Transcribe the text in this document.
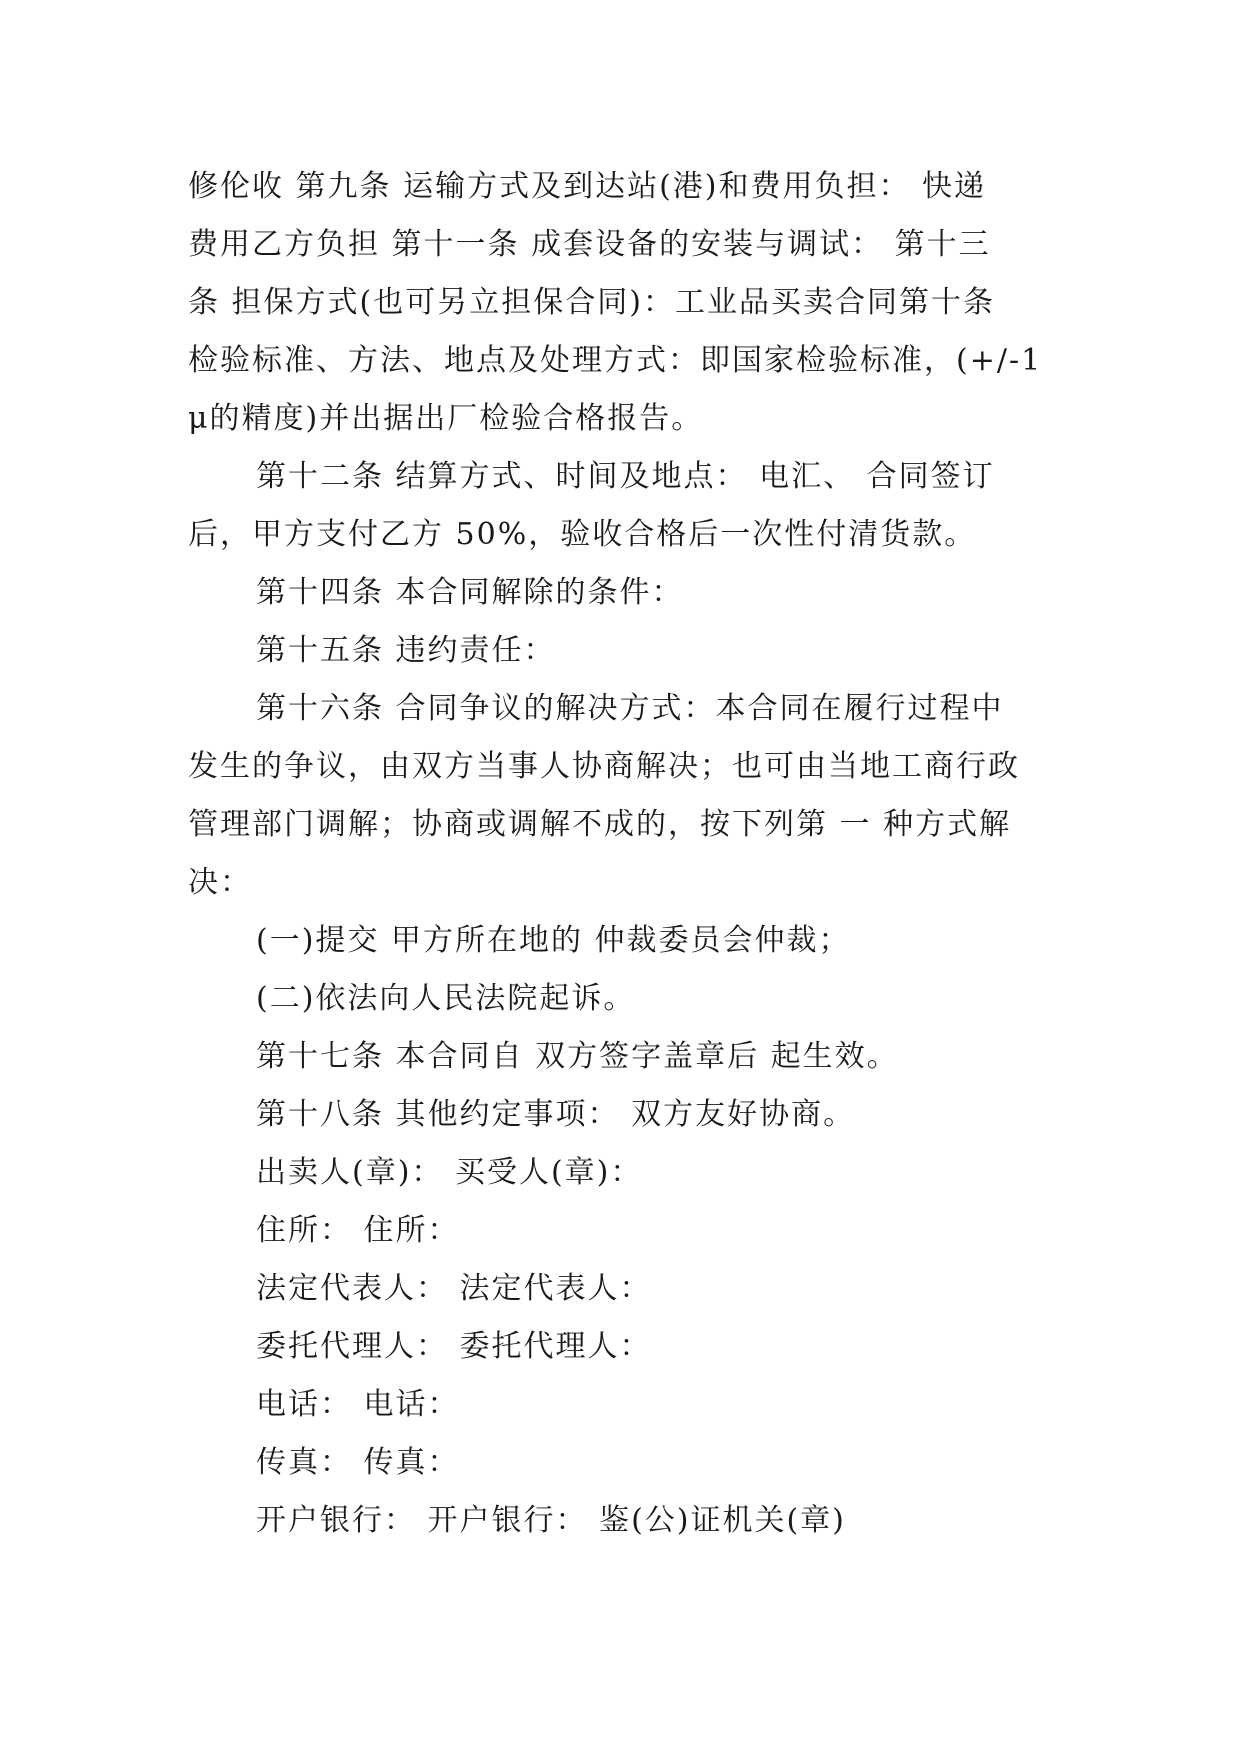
修伦收 第九条 运输方式及到达站(港)和费用负担： 快递

费用乙方负担 第十一条 成套设备的安装与调试： 第十三

条 担保方式(也可另立担保合同)：工业品买卖合同第十条

检验标准、方法、地点及处理方式：即国家检验标准，(+/-1

μ的精度)并出据出厂检验合格报告。

第十二条 结算方式、时间及地点： 电汇、 合同签订

后，甲方支付乙方 50%，验收合格后一次性付清货款。

第十四条 本合同解除的条件：

第十五条 违约责任：

第十六条 合同争议的解决方式：本合同在履行过程中

发生的争议，由双方当事人协商解决；也可由当地工商行政

管理部门调解；协商或调解不成的，按下列第 一 种方式解

决：

(一)提交 甲方所在地的 仲裁委员会仲裁；

(二)依法向人民法院起诉。

第十七条 本合同自 双方签字盖章后 起生效。

第十八条 其他约定事项： 双方友好协商。

出卖人(章)： 买受人(章)：

住所： 住所：

法定代表人： 法定代表人：

委托代理人： 委托代理人：

电话： 电话：

传真： 传真：

开户银行： 开户银行： 鉴(公)证机关(章)
